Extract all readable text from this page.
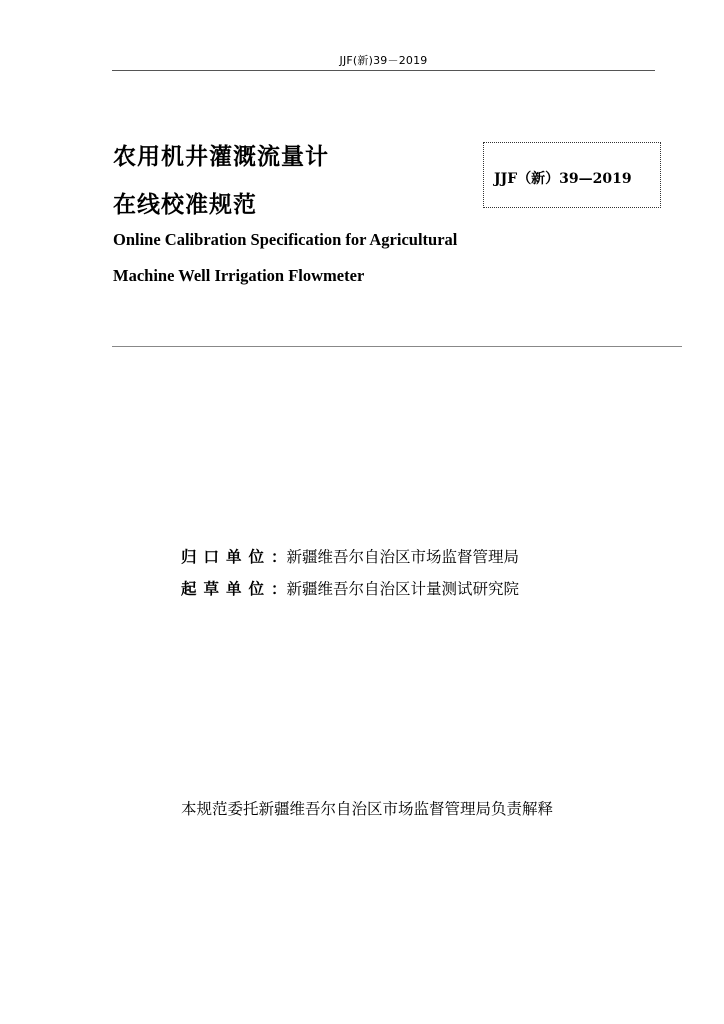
JJF(新)39－2019
农用机井灌溉流量计
在线校准规范
JJF（新）39—2019
Online Calibration Specification for Agricultural
Machine Well Irrigation Flowmeter
归口单位 ： 新疆维吾尔自治区市场监督管理局
起草单位 ： 新疆维吾尔自治区计量测试研究院
本规范委托新疆维吾尔自治区市场监督管理局负责解释
